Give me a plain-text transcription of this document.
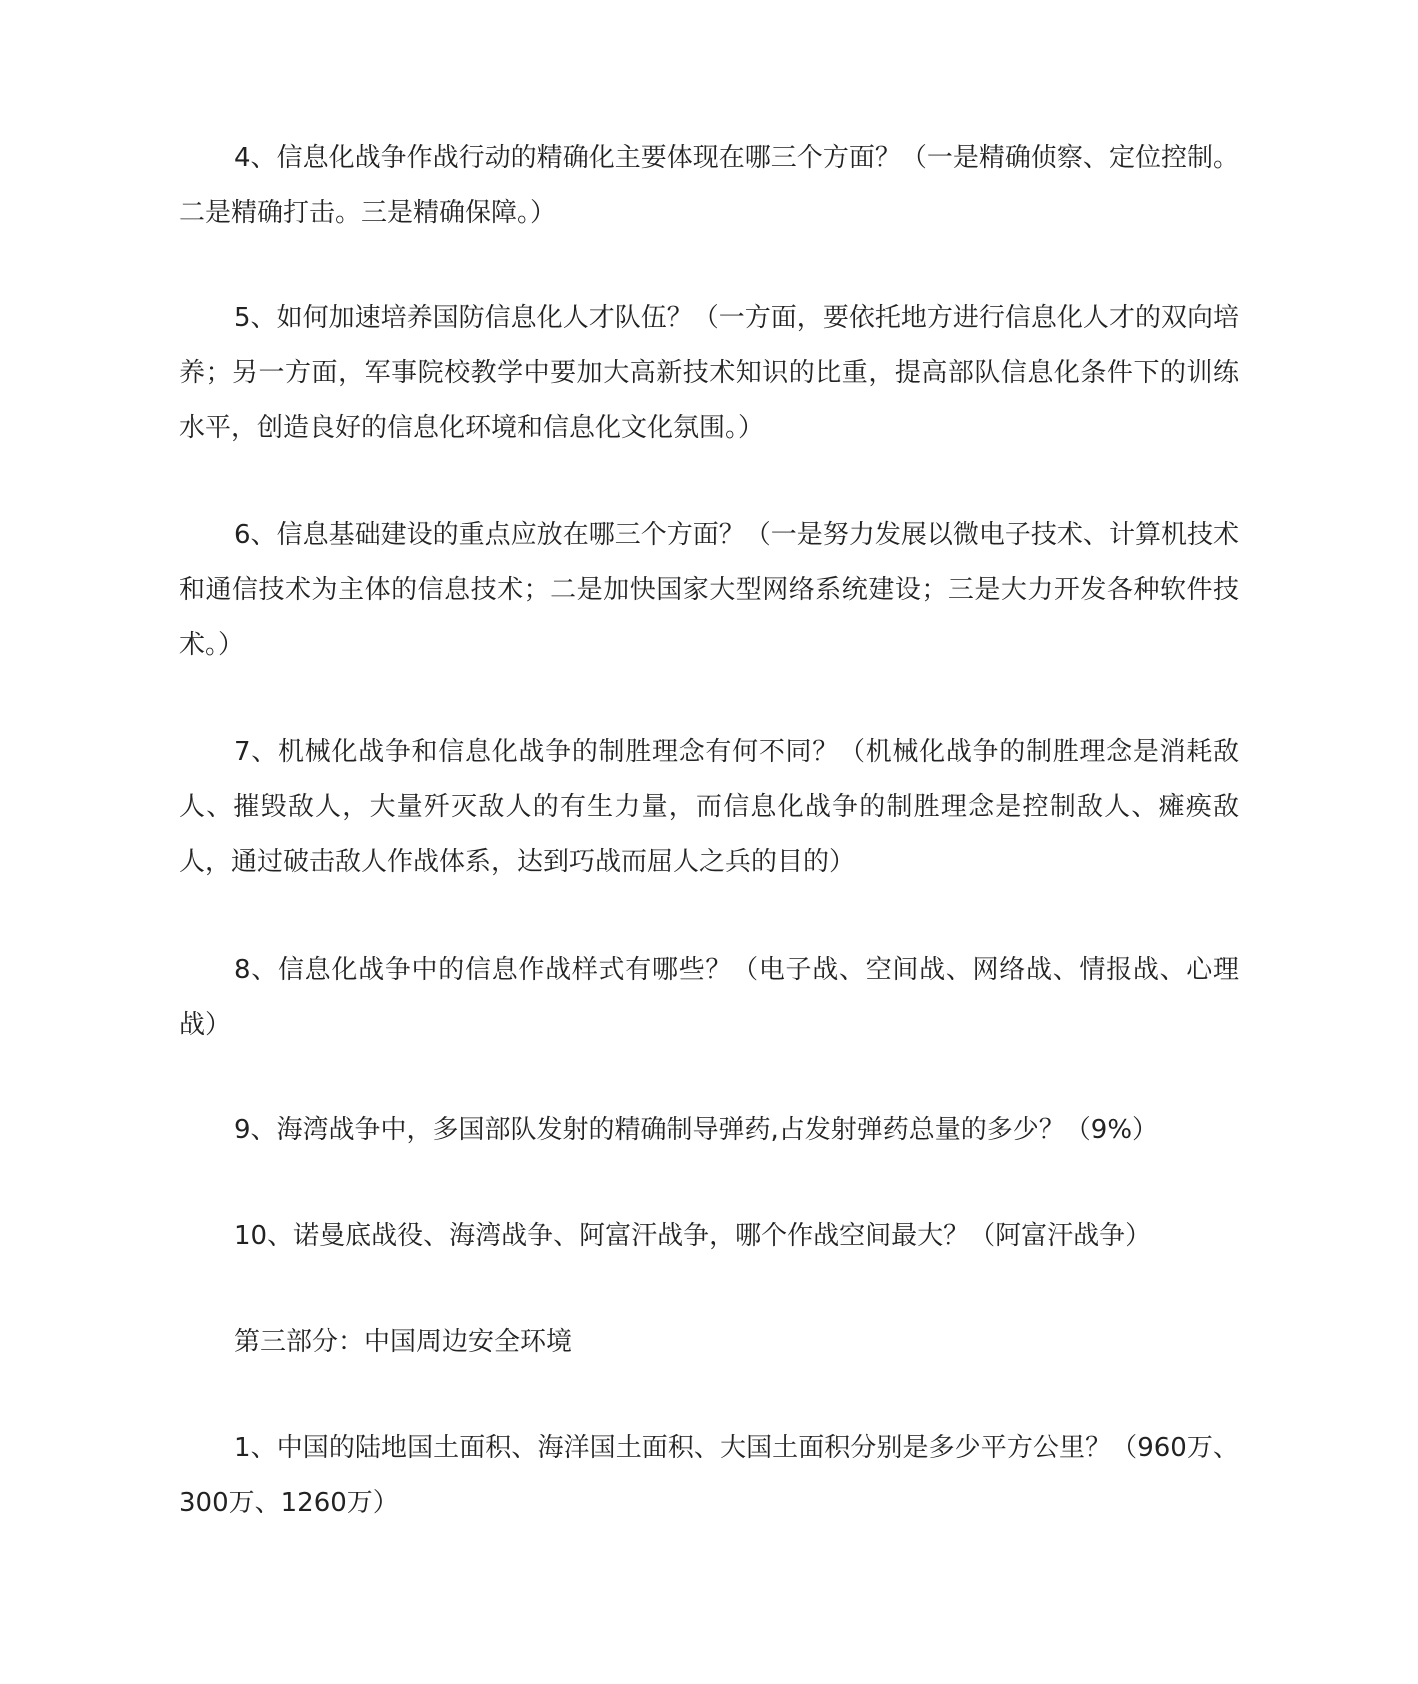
4、信息化战争作战行动的精确化主要体现在哪三个方面？（一是精确侦察、定位控制。二是精确打击。三是精确保障。）

5、如何加速培养国防信息化人才队伍？（一方面，要依托地方进行信息化人才的双向培养；另一方面，军事院校教学中要加大高新技术知识的比重，提高部队信息化条件下的训练水平，创造良好的信息化环境和信息化文化氛围。）

6、信息基础建设的重点应放在哪三个方面？（一是努力发展以微电子技术、计算机技术和通信技术为主体的信息技术；二是加快国家大型网络系统建设；三是大力开发各种软件技术。）

7、机械化战争和信息化战争的制胜理念有何不同？（机械化战争的制胜理念是消耗敌人、摧毁敌人，大量歼灭敌人的有生力量，而信息化战争的制胜理念是控制敌人、瘫痪敌人，通过破击敌人作战体系，达到巧战而屈人之兵的目的）

8、信息化战争中的信息作战样式有哪些？（电子战、空间战、网络战、情报战、心理战）

9、海湾战争中，多国部队发射的精确制导弹药,占发射弹药总量的多少？（9%）

10、诺曼底战役、海湾战争、阿富汗战争，哪个作战空间最大？（阿富汗战争）

第三部分：中国周边安全环境

1、中国的陆地国土面积、海洋国土面积、大国土面积分别是多少平方公里？（960万、300万、1260万）
